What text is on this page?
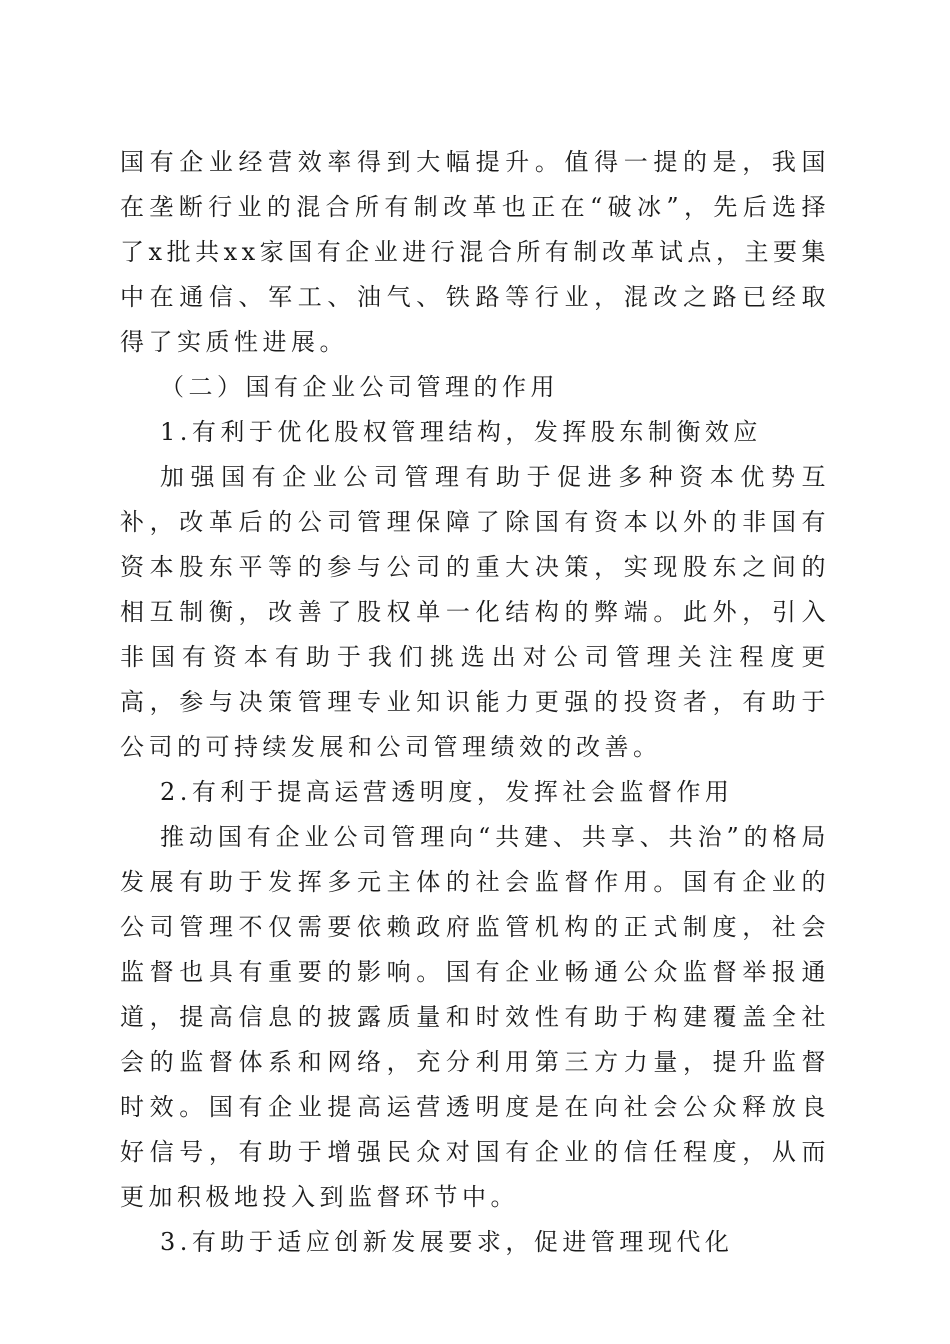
国有企业经营效率得到大幅提升。值得一提的是，我国在垄断行业的混合所有制改革也正在“破冰”，先后选择了x批共xx家国有企业进行混合所有制改革试点，主要集中在通信、军工、油气、铁路等行业，混改之路已经取得了实质性进展。

（二）国有企业公司管理的作用

1.有利于优化股权管理结构，发挥股东制衡效应

加强国有企业公司管理有助于促进多种资本优势互补，改革后的公司管理保障了除国有资本以外的非国有资本股东平等的参与公司的重大决策，实现股东之间的相互制衡，改善了股权单一化结构的弊端。此外，引入非国有资本有助于我们挑选出对公司管理关注程度更高，参与决策管理专业知识能力更强的投资者，有助于公司的可持续发展和公司管理绩效的改善。

2.有利于提高运营透明度，发挥社会监督作用

推动国有企业公司管理向“共建、共享、共治”的格局发展有助于发挥多元主体的社会监督作用。国有企业的公司管理不仅需要依赖政府监管机构的正式制度，社会监督也具有重要的影响。国有企业畅通公众监督举报通道，提高信息的披露质量和时效性有助于构建覆盖全社会的监督体系和网络，充分利用第三方力量，提升监督时效。国有企业提高运营透明度是在向社会公众释放良好信号，有助于增强民众对国有企业的信任程度，从而更加积极地投入到监督环节中。

3.有助于适应创新发展要求，促进管理现代化
